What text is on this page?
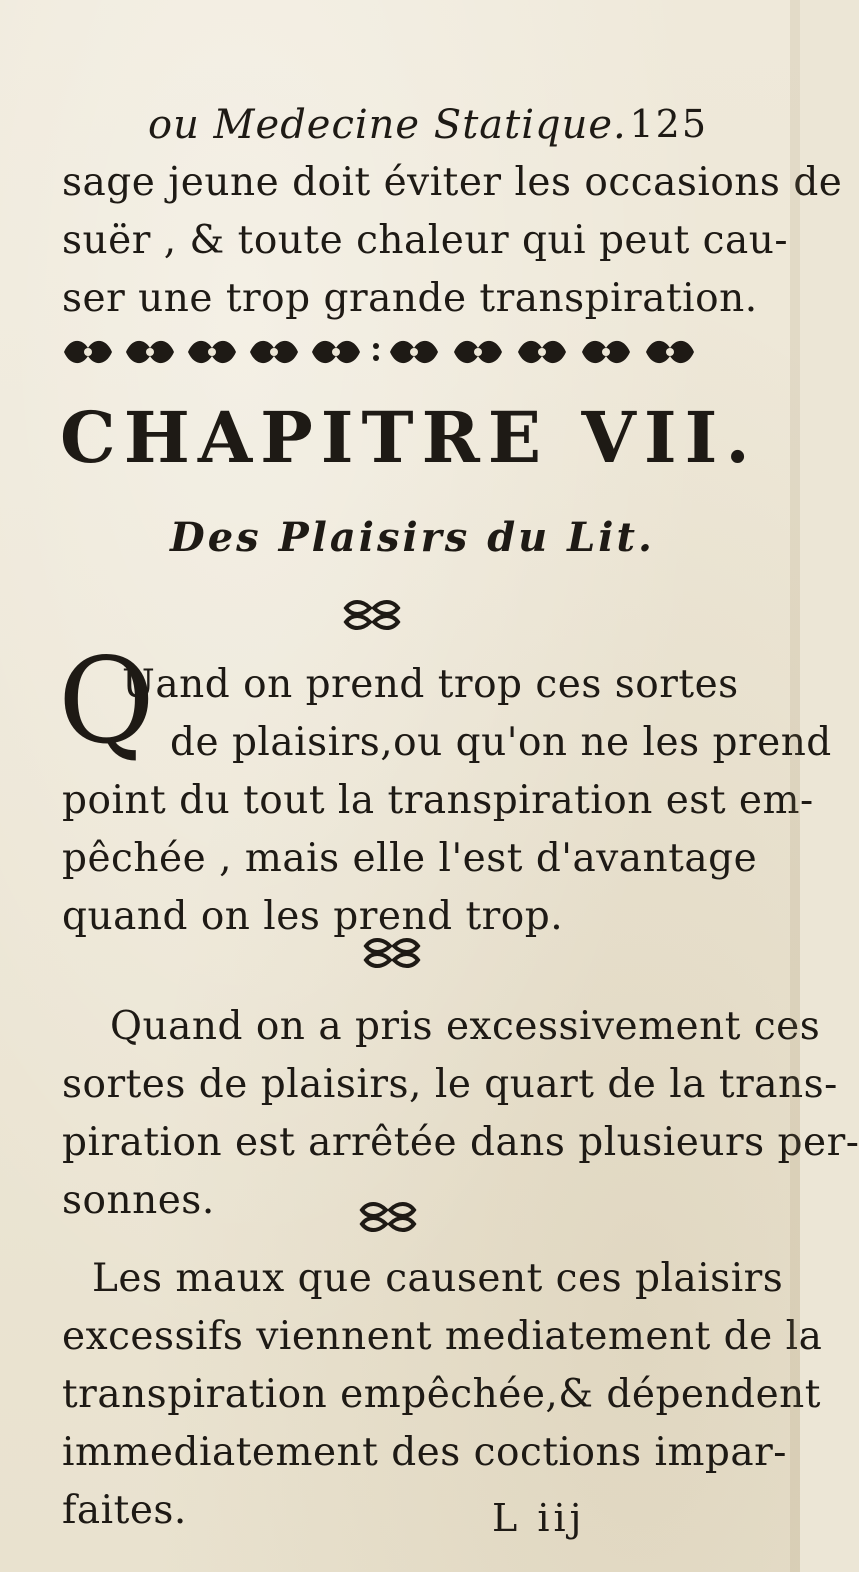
ou Medecine Statique. 125
sage jeune doit éviter les occasions de
suër , & toute chaleur qui peut cau-
ser une trop grande transpiration.
CHAPITRE VII.
Des Plaisirs du Lit.
Q
Uand on prend trop ces sortes
de plaisirs,ou qu'on ne les prend
point du tout la transpiration est em-
pêchée , mais elle l'est d'avantage
quand on les prend trop.
Quand on a pris excessivement ces
sortes de plaisirs, le quart de la trans-
piration est arrêtée dans plusieurs per-
sonnes.
Les maux que causent ces plaisirs
excessifs viennent mediatement de la
transpiration empêchée,& dépendent
immediatement des coctions impar-
faites.	L iij
